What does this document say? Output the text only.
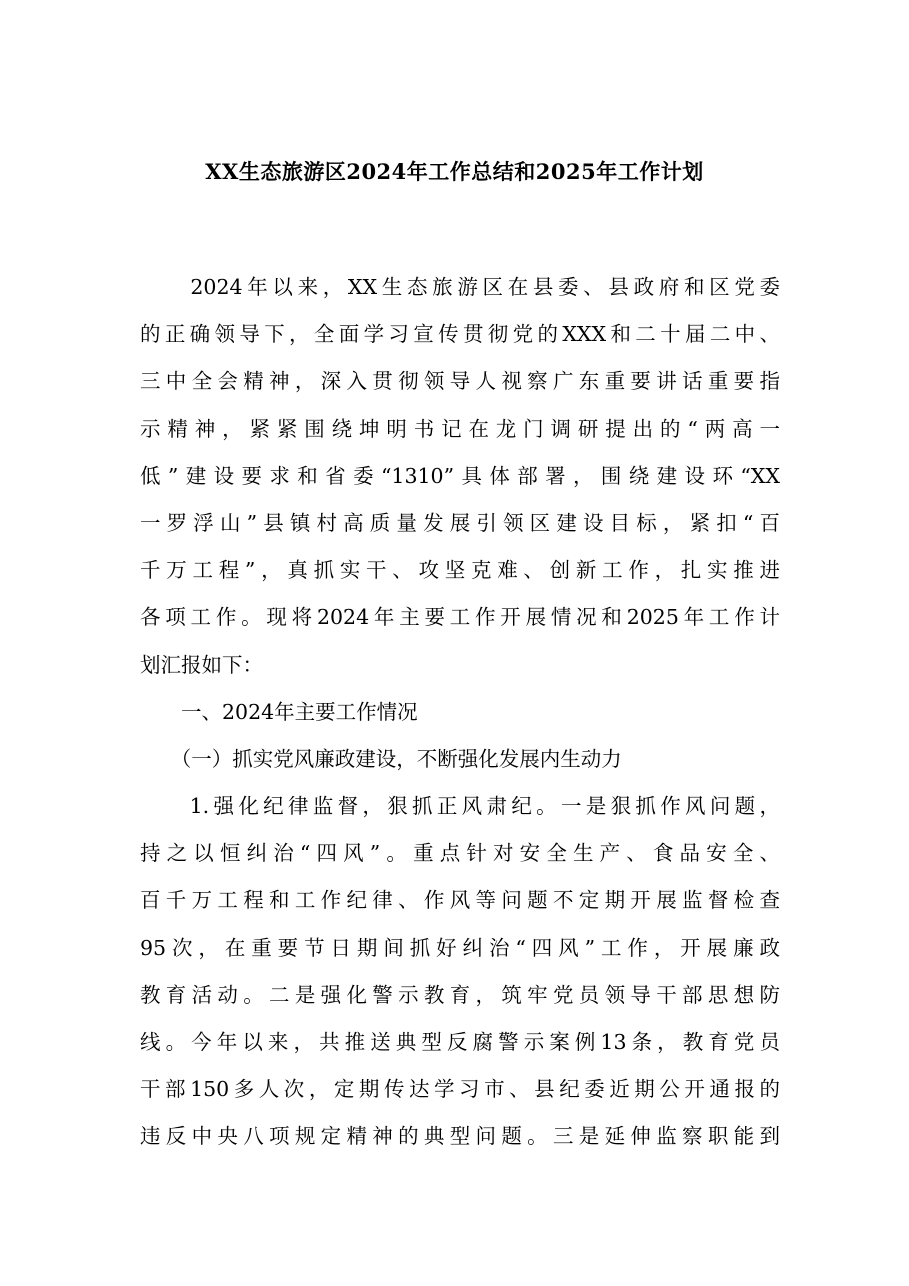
XX生态旅游区2024年工作总结和2025年工作计划
　　2024年以来，XX生态旅游区在县委、县政府和区党委
的正确领导下，全面学习宣传贯彻党的XXX和二十届二中、
三中全会精神，深入贯彻领导人视察广东重要讲话重要指
示精神，紧紧围绕坤明书记在龙门调研提出的“两高一
低”建设要求和省委“1310”具体部署，围绕建设环“XX
一罗浮山”县镇村高质量发展引领区建设目标，紧扣“百
千万工程”，真抓实干、攻坚克难、创新工作，扎实推进
各项工作。现将2024年主要工作开展情况和2025年工作计
划汇报如下：
　　一、2024年主要工作情况
　　（一）抓实党风廉政建设，不断强化发展内生动力
　　1.强化纪律监督，狠抓正风肃纪。一是狠抓作风问题，
持之以恒纠治“四风”。重点针对安全生产、食品安全、
百千万工程和工作纪律、作风等问题不定期开展监督检查
95次，在重要节日期间抓好纠治“四风”工作，开展廉政
教育活动。二是强化警示教育，筑牢党员领导干部思想防
线。今年以来，共推送典型反腐警示案例13条，教育党员
干部150多人次，定期传达学习市、县纪委近期公开通报的
违反中央八项规定精神的典型问题。三是延伸监察职能到
